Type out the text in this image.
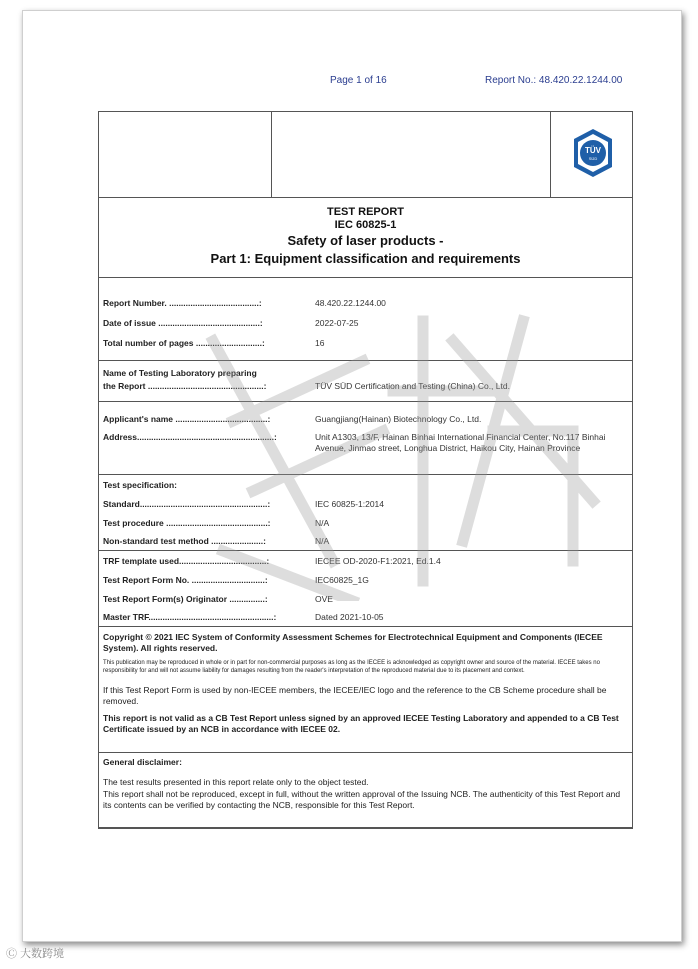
Page 1 of 16	Report No.: 48.420.22.1244.00
TÜV
SÜD
TEST REPORT
IEC 60825-1
Safety of laser products -
Part 1: Equipment classification and requirements
Report Number. ......................................:	48.420.22.1244.00
Date of issue ...........................................:	2022-07-25
Total number of pages ............................:	16
Name of Testing Laboratory preparing
the Report .................................................:	TÜV SÜD Certification and Testing (China) Co., Ltd.
Applicant's name .......................................:	Guangjiang(Hainan) Biotechnology Co., Ltd.
Address..........................................................:	Unit A1303, 13/F, Hainan Binhai International Financial Center, No.117 Binhai Avenue, Jinmao street, Longhua District, Haikou City, Hainan Province
Test specification:
Standard......................................................:	IEC 60825-1:2014
Test procedure ...........................................:	N/A
Non-standard test method ......................:	N/A
TRF template used.....................................:	IECEE OD-2020-F1:2021, Ed.1.4
Test Report Form No. ...............................:	IEC60825_1G
Test Report Form(s) Originator ...............:	OVE
Master TRF.....................................................:	Dated 2021-10-05
Copyright © 2021 IEC System of Conformity Assessment Schemes for Electrotechnical Equipment and Components (IECEE System). All rights reserved.
This publication may be reproduced in whole or in part for non-commercial purposes as long as the IECEE is acknowledged as copyright owner and source of the material. IECEE takes no responsibility for and will not assume liability for damages resulting from the reader's interpretation of the reproduced material due to its placement and context.
If this Test Report Form is used by non-IECEE members, the IECEE/IEC logo and the reference to the CB Scheme procedure shall be removed.
This report is not valid as a CB Test Report unless signed by an approved IECEE Testing Laboratory and appended to a CB Test Certificate issued by an NCB in accordance with IECEE 02.
General disclaimer:
The test results presented in this report relate only to the object tested.
This report shall not be reproduced, except in full, without the written approval of the Issuing NCB. The authenticity of this Test Report and its contents can be verified by contacting the NCB, responsible for this Test Report.
Ⓒ 大数跨境
